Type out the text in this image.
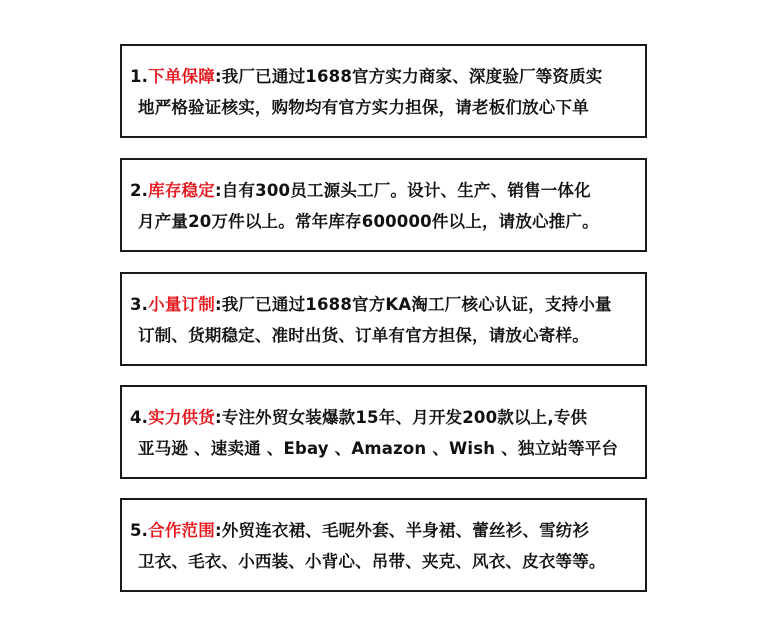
1.下单保障:我厂已通过1688官方实力商家、深度验厂等资质实
地严格验证核实，购物均有官方实力担保，请老板们放心下单
2.库存稳定:自有300员工源头工厂。设计、生产、销售一体化
月产量20万件以上。常年库存600000件以上，请放心推广。
3.小量订制:我厂已通过1688官方KA淘工厂核心认证，支持小量
订制、货期稳定、准时出货、订单有官方担保，请放心寄样。
4.实力供货:专注外贸女装爆款15年、月开发200款以上,专供
亚马逊 、速卖通 、Ebay 、Amazon 、Wish 、独立站等平台
5.合作范围:外贸连衣裙、毛呢外套、半身裙、蕾丝衫、雪纺衫
卫衣、毛衣、小西装、小背心、吊带、夹克、风衣、皮衣等等。
